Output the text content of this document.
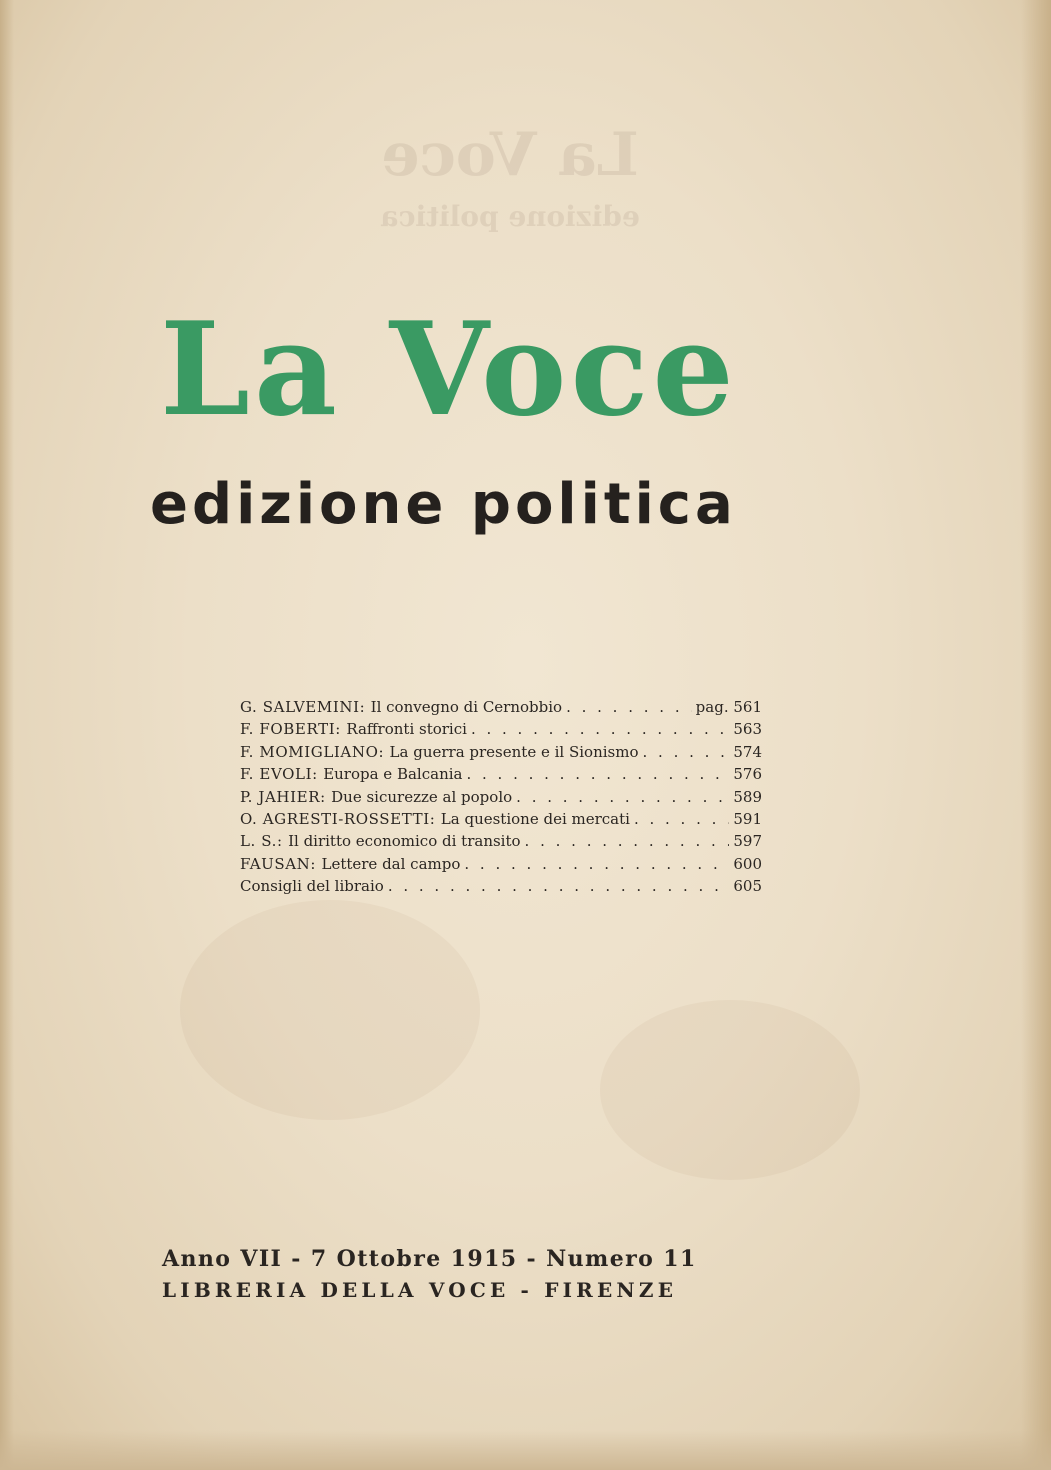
La Voce
edizione politica
La Voce
edizione politica
G. SALVEMINI : Il convegno di Cernobbio . . .	pag. 561
F. FOBERTI : Raffronti storici . . .	563
F. MOMIGLIANO : La guerra presente e il Sionismo . . .	574
F. EVOLI : Europa e Balcania . . .	576
P. JAHIER : Due sicurezze al popolo . . .	589
O. AGRESTI-ROSSETTI : La questione dei mercati . . .	591
L. S. : Il diritto economico di transito . . .	597
FAUSAN : Lettere dal campo . . .	600
Consigli del libraio . . .	605
Anno VII - 7 Ottobre 1915 - Numero 11
LIBRERIA DELLA VOCE - FIRENZE
